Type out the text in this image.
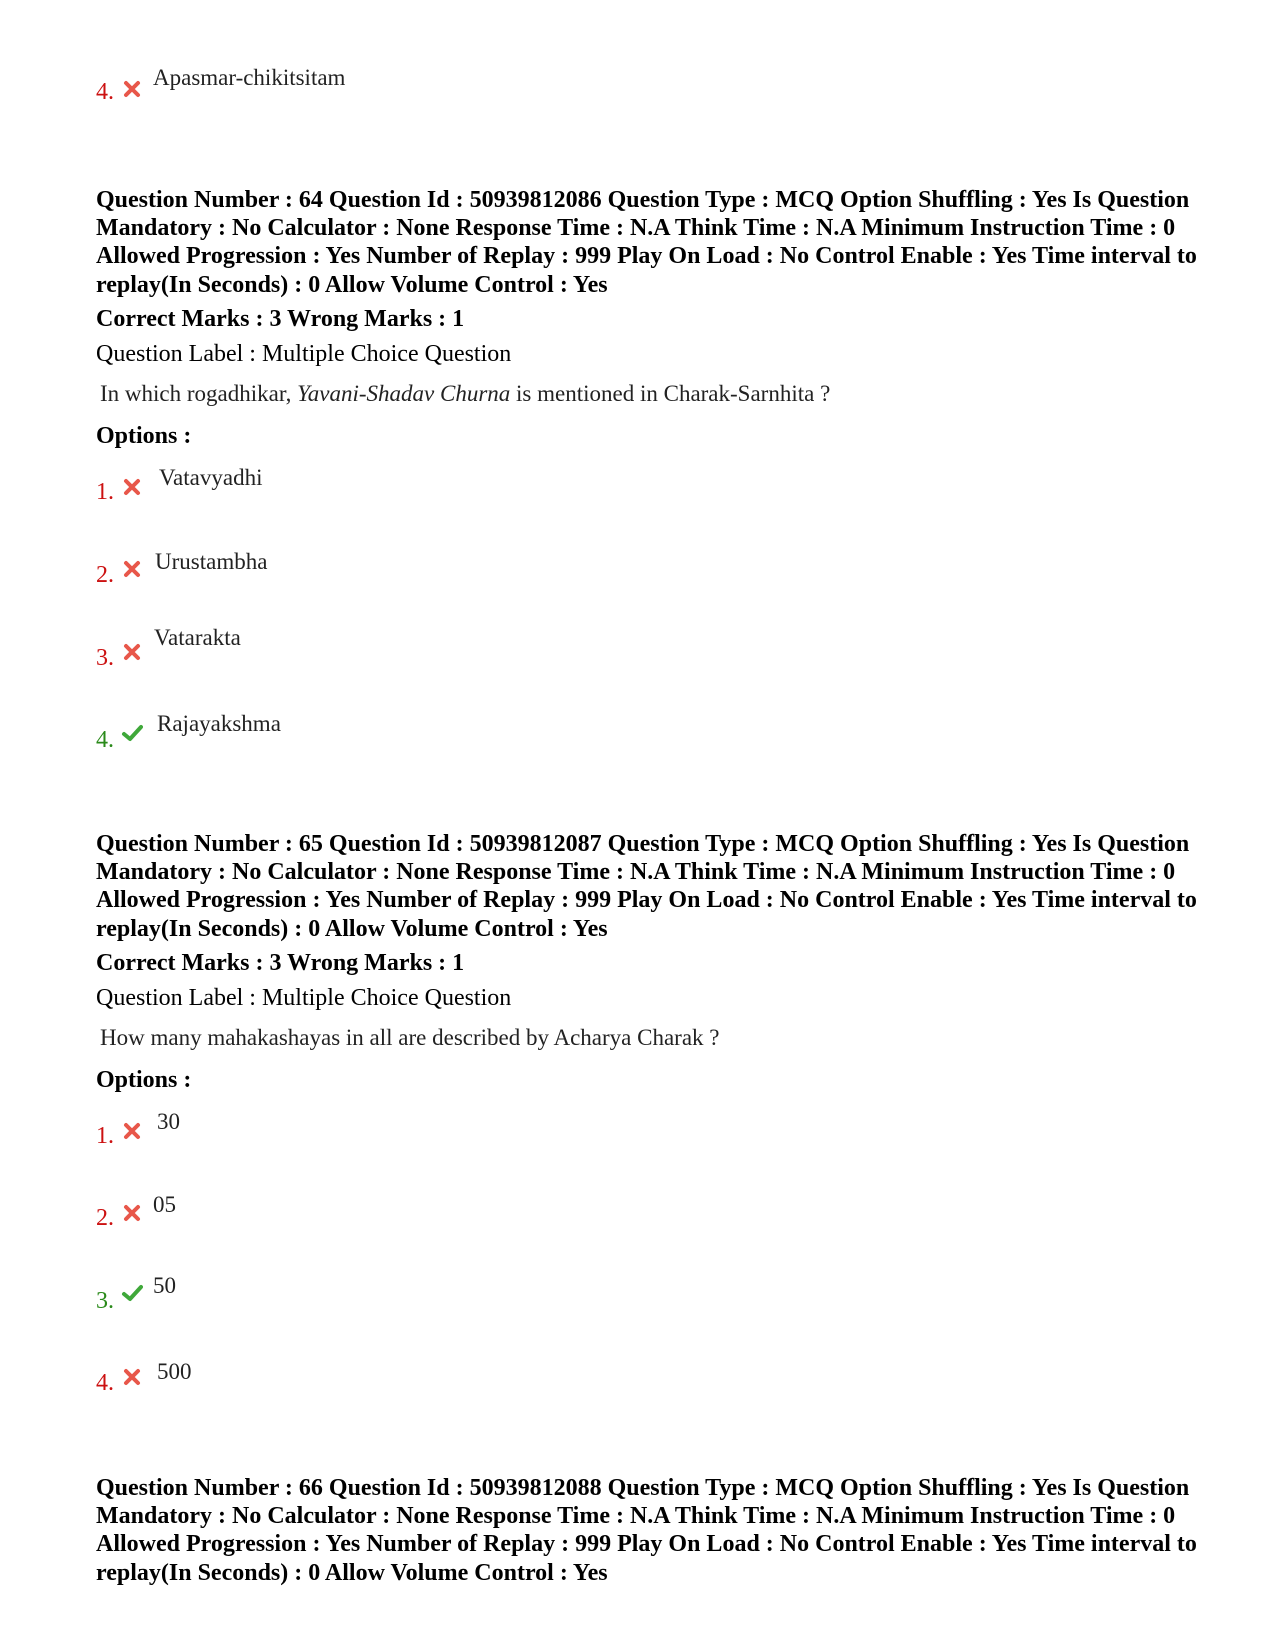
4.
Apasmar-chikitsitam

Question Number : 64 Question Id : 50939812086 Question Type : MCQ Option Shuffling : Yes Is Question Mandatory : No Calculator : None Response Time : N.A Think Time : N.A Minimum Instruction Time : 0 Allowed Progression : Yes Number of Replay : 999 Play On Load : No Control Enable : Yes Time interval to replay(In Seconds) : 0 Allow Volume Control : Yes

Correct Marks : 3 Wrong Marks : 1
Question Label : Multiple Choice Question
In which rogadhikar, Yavani-Shadav Churna is mentioned in Charak-Sarnhita ?
Options :
1.
Vatavyadhi
2.
Urustambha
3.
Vatarakta
4.
Rajayakshma

Question Number : 65 Question Id : 50939812087 Question Type : MCQ Option Shuffling : Yes Is Question Mandatory : No Calculator : None Response Time : N.A Think Time : N.A Minimum Instruction Time : 0 Allowed Progression : Yes Number of Replay : 999 Play On Load : No Control Enable : Yes Time interval to replay(In Seconds) : 0 Allow Volume Control : Yes

Correct Marks : 3 Wrong Marks : 1
Question Label : Multiple Choice Question
How many mahakashayas in all are described by Acharya Charak ?
Options :
1.
30
2.
05
3.
50
4. 500

Question Number : 66 Question Id : 50939812088 Question Type : MCQ Option Shuffling : Yes Is Question Mandatory : No Calculator : None Response Time : N.A Think Time : N.A Minimum Instruction Time : 0 Allowed Progression : Yes Number of Replay : 999 Play On Load : No Control Enable : Yes Time interval to replay(In Seconds) : 0 Allow Volume Control : Yes
